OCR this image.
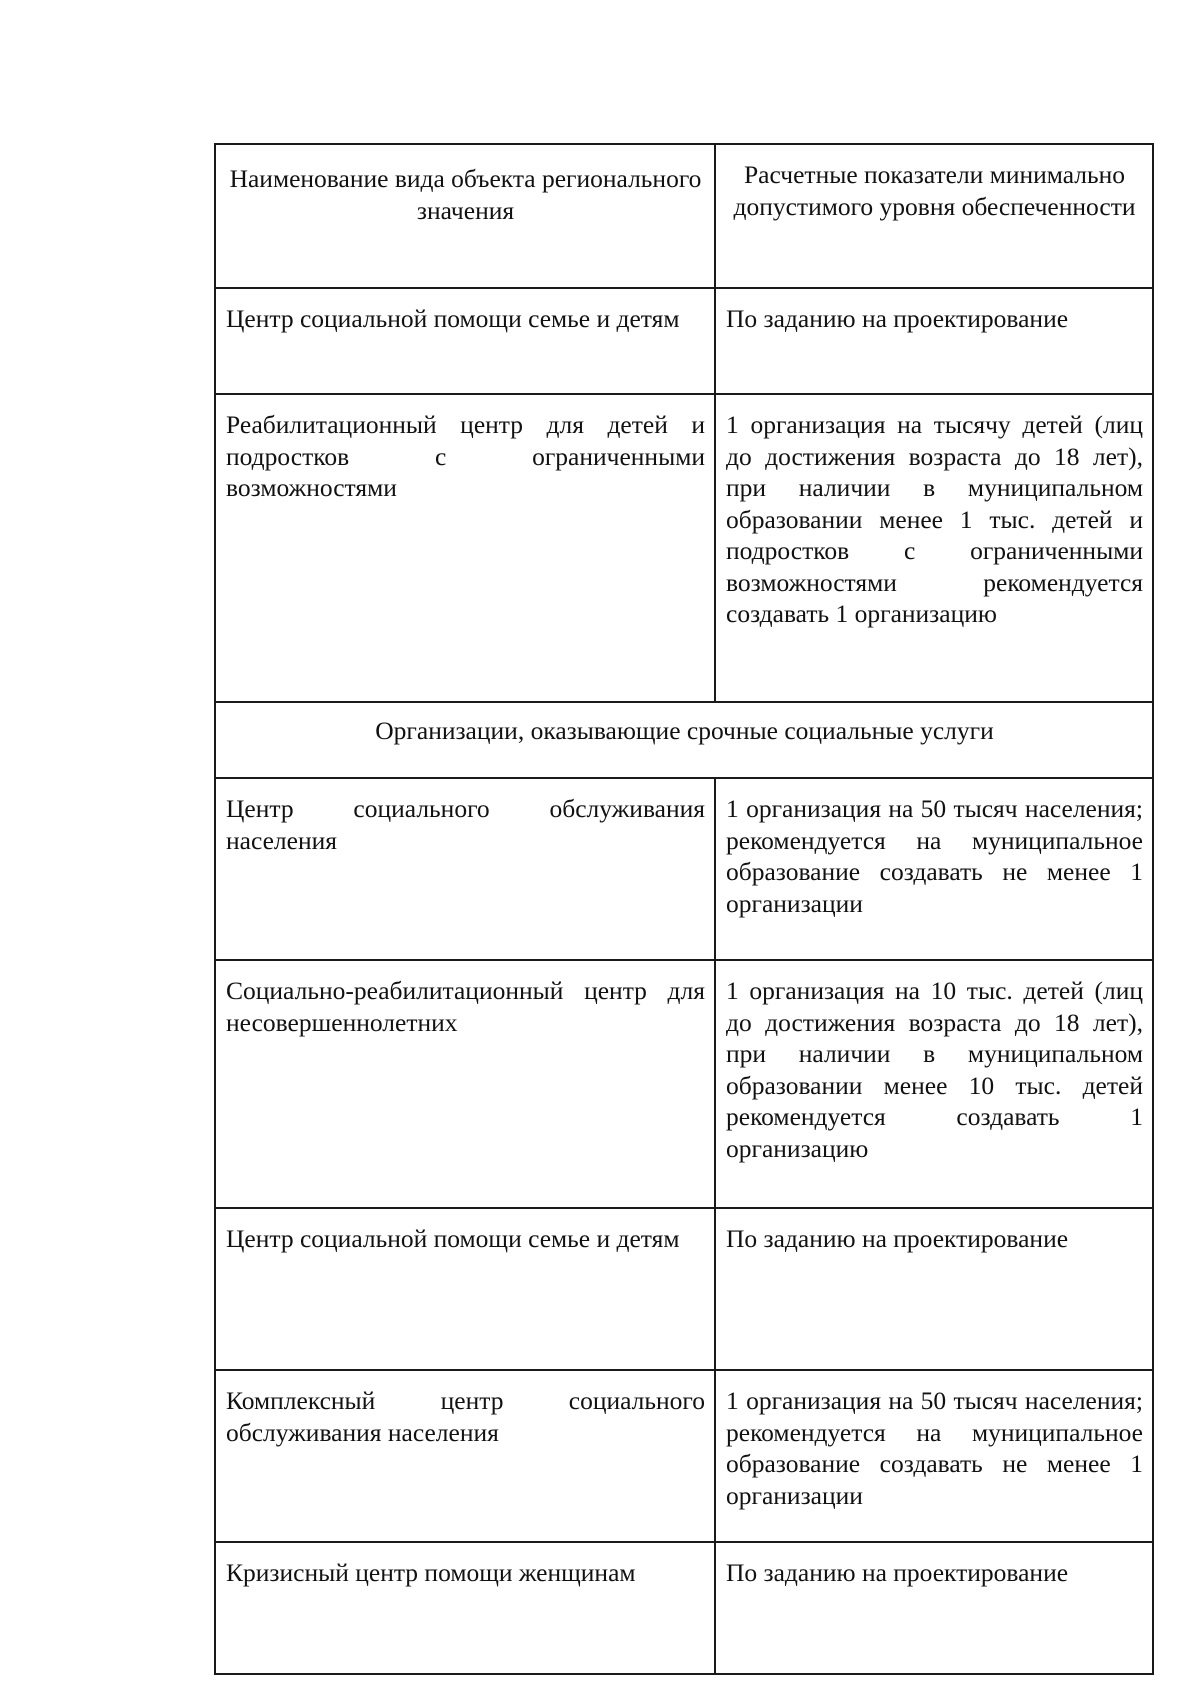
Наименование вида объекта регионального значения	Расчетные показатели минимально допустимого уровня обеспеченности
Центр социальной помощи семье и детям	По заданию на проектирование
Реабилитационный центр для детей и подростков с ограниченными возможностями	1 организация на тысячу детей (лиц до достижения возраста до 18 лет), при наличии в муниципальном образовании менее 1 тыс. детей и подростков с ограниченными возможностями рекомендуется создавать 1 организацию
Организации, оказывающие срочные социальные услуги	
Центр социального обслуживания населения	1 организация на 50 тысяч населения; рекомендуется на муниципальное образование создавать не менее 1 организации
Социально-реабилитационный центр для несовершеннолетних	1 организация на 10 тыс. детей (лиц до достижения возраста до 18 лет), при наличии в муниципальном образовании менее 10 тыс. детей рекомендуется создавать 1 организацию
Центр социальной помощи семье и детям	По заданию на проектирование
Комплексный центр социального обслуживания населения	1 организация на 50 тысяч населения; рекомендуется на муниципальное образование создавать не менее 1 организации
Кризисный центр помощи женщинам	По заданию на проектирование
